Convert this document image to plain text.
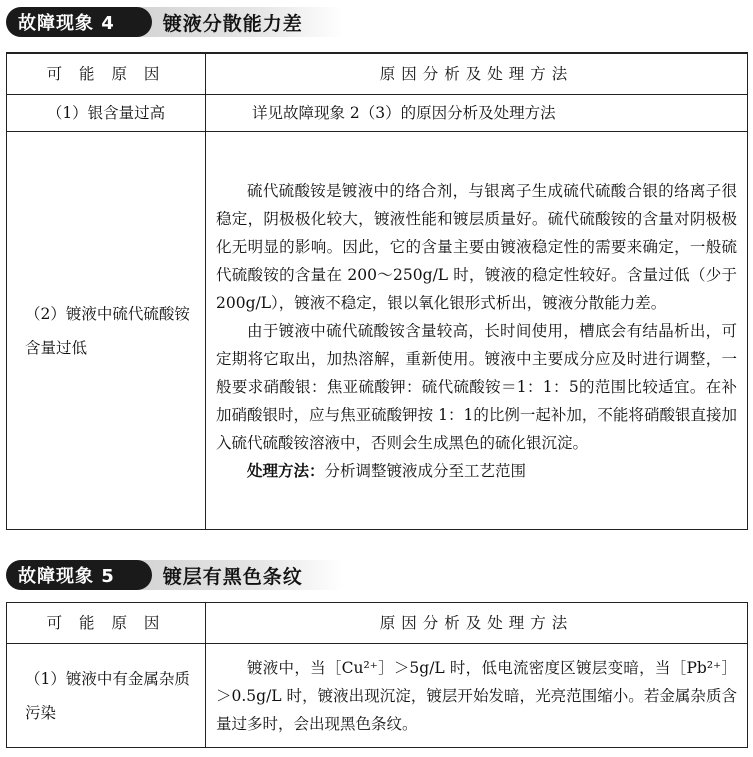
故障现象 4	镀液分散能力差
可 能 原 因	原因分析及处理方法
（1）银含量过高	详见故障现象 2（3）的原因分析及处理方法
（2）镀液中硫代硫酸铵含量过低	硫代硫酸铵是镀液中的络合剂，与银离子生成硫代硫酸合银的络离子很稳定，阴极极化较大，镀液性能和镀层质量好。硫代硫酸铵的含量对阴极极化无明显的影响。因此，它的含量主要由镀液稳定性的需要来确定，一般硫代硫酸铵的含量在 200～250g/L 时，镀液的稳定性较好。含量过低（少于200g/L），镀液不稳定，银以氧化银形式析出，镀液分散能力差。

由于镀液中硫代硫酸铵含量较高，长时间使用，槽底会有结晶析出，可定期将它取出，加热溶解，重新使用。镀液中主要成分应及时进行调整，一般要求硝酸银：焦亚硫酸钾：硫代硫酸铵＝1：1：5的范围比较适宜。在补加硝酸银时，应与焦亚硫酸钾按 1：1的比例一起补加，不能将硝酸银直接加入硫代硫酸铵溶液中，否则会生成黑色的硫化银沉淀。

处理方法：分析调整镀液成分至工艺范围

故障现象 5	镀层有黑色条纹
可 能 原 因	原因分析及处理方法
（1）镀液中有金属杂质污染	镀液中，当［Cu²⁺］＞5g/L 时，低电流密度区镀层变暗，当［Pb²⁺］＞0.5g/L 时，镀液出现沉淀，镀层开始发暗，光亮范围缩小。若金属杂质含量过多时，会出现黑色条纹。
